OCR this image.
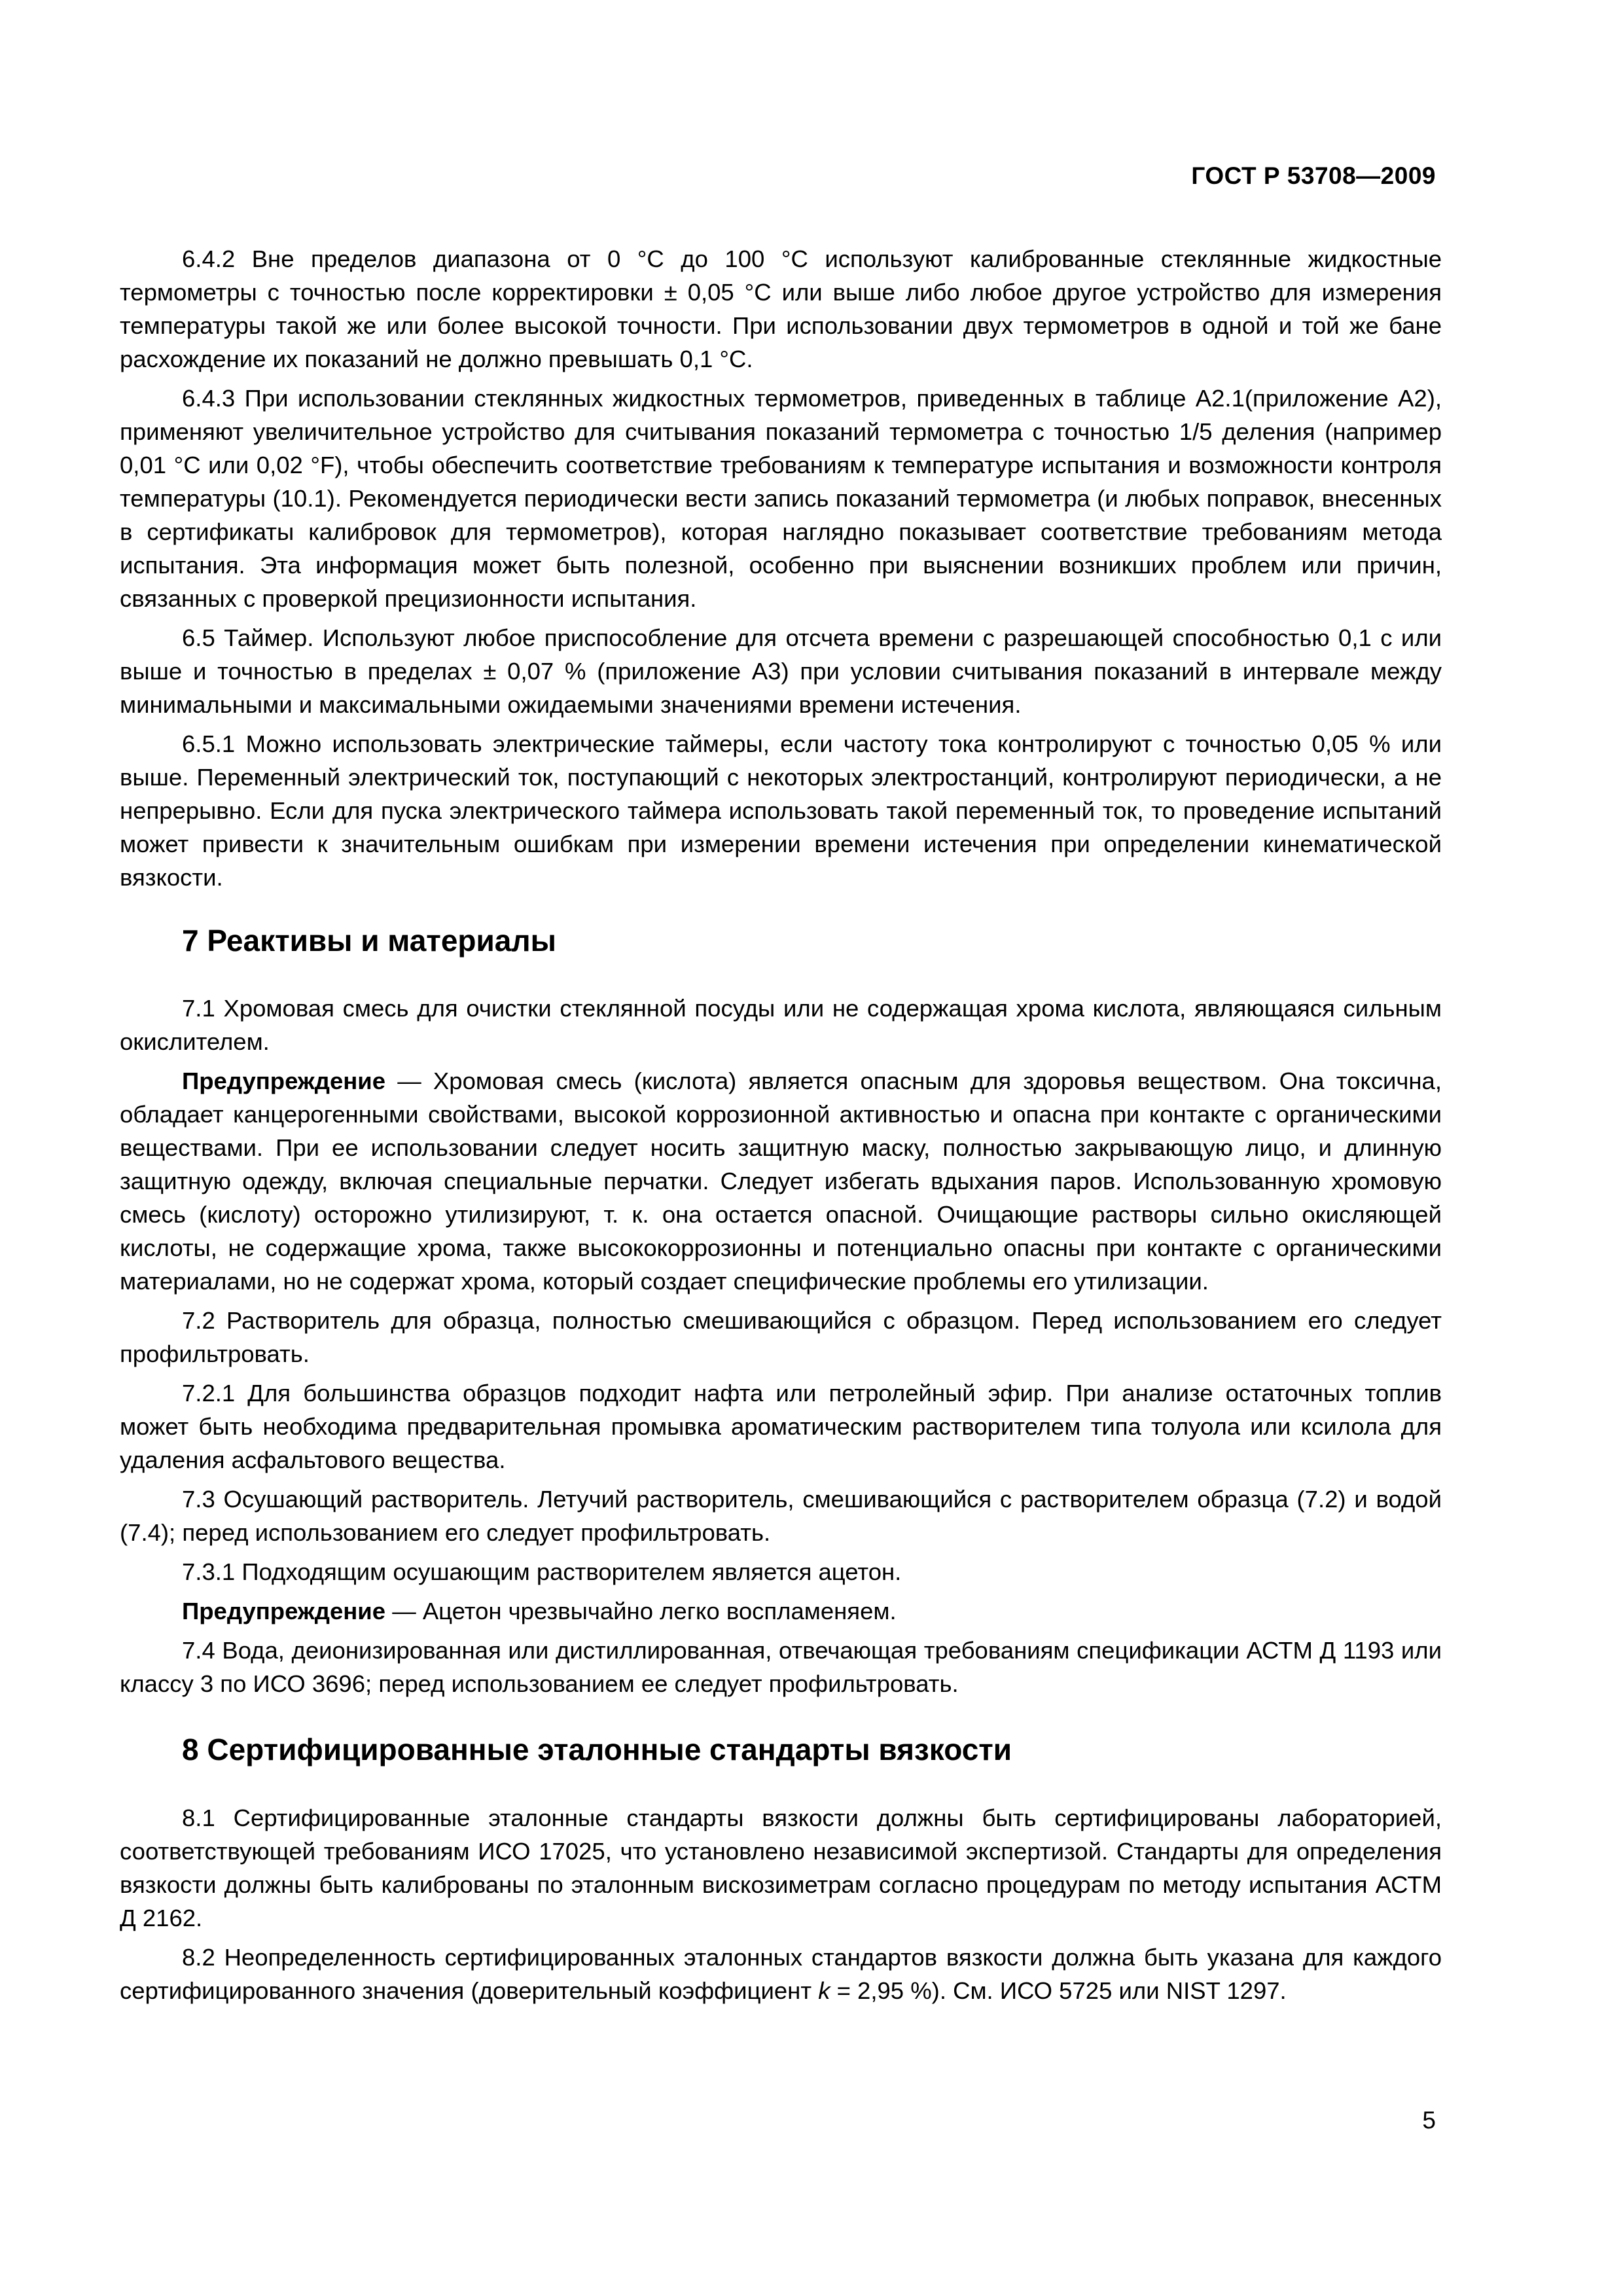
ГОСТ Р 53708—2009

6.4.2 Вне пределов диапазона от 0 °С до 100 °С используют калиброванные стеклянные жидкостные термометры с точностью после корректировки ± 0,05 °С или выше либо любое другое устройство для измерения температуры такой же или более высокой точности. При использовании двух термометров в одной и той же бане расхождение их показаний не должно превышать 0,1 °С.

6.4.3 При использовании стеклянных жидкостных термометров, приведенных в таблице А2.1(приложение А2), применяют увеличительное устройство для считывания показаний термометра с точностью 1/5 деления (например 0,01 °С или 0,02 °F), чтобы обеспечить соответствие требованиям к температуре испытания и возможности контроля температуры (10.1). Рекомендуется периодически вести запись показаний термометра (и любых поправок, внесенных в сертификаты калибровок для термометров), которая наглядно показывает соответствие требованиям метода испытания. Эта информация может быть полезной, особенно при выяснении возникших проблем или причин, связанных с проверкой прецизионности испытания.

6.5 Таймер. Используют любое приспособление для отсчета времени с разрешающей способностью 0,1 с или выше и точностью в пределах ± 0,07 % (приложение А3) при условии считывания показаний в интервале между минимальными и максимальными ожидаемыми значениями времени истечения.

6.5.1 Можно использовать электрические таймеры, если частоту тока контролируют с точностью 0,05 % или выше. Переменный электрический ток, поступающий с некоторых электростанций, контролируют периодически, а не непрерывно. Если для пуска электрического таймера использовать такой переменный ток, то проведение испытаний может привести к значительным ошибкам при измерении времени истечения при определении кинематической вязкости.

7 Реактивы и материалы

7.1 Хромовая смесь для очистки стеклянной посуды или не содержащая хрома кислота, являющаяся сильным окислителем.

Предупреждение — Хромовая смесь (кислота) является опасным для здоровья веществом. Она токсична, обладает канцерогенными свойствами, высокой коррозионной активностью и опасна при контакте с органическими веществами. При ее использовании следует носить защитную маску, полностью закрывающую лицо, и длинную защитную одежду, включая специальные перчатки. Следует избегать вдыхания паров. Использованную хромовую смесь (кислоту) осторожно утилизируют, т. к. она остается опасной. Очищающие растворы сильно окисляющей кислоты, не содержащие хрома, также высококоррозионны и потенциально опасны при контакте с органическими материалами, но не содержат хрома, который создает специфические проблемы его утилизации.

7.2 Растворитель для образца, полностью смешивающийся с образцом. Перед использованием его следует профильтровать.

7.2.1 Для большинства образцов подходит нафта или петролейный эфир. При анализе остаточных топлив может быть необходима предварительная промывка ароматическим растворителем типа толуола или ксилола для удаления асфальтового вещества.

7.3 Осушающий растворитель. Летучий растворитель, смешивающийся с растворителем образца (7.2) и водой (7.4); перед использованием его следует профильтровать.

7.3.1 Подходящим осушающим растворителем является ацетон.

Предупреждение — Ацетон чрезвычайно легко воспламеняем.

7.4 Вода, деионизированная или дистиллированная, отвечающая требованиям спецификации АСТМ Д 1193 или классу 3 по ИСО 3696; перед использованием ее следует профильтровать.

8 Сертифицированные эталонные стандарты вязкости

8.1 Сертифицированные эталонные стандарты вязкости должны быть сертифицированы лабораторией, соответствующей требованиям ИСО 17025, что установлено независимой экспертизой. Стандарты для определения вязкости должны быть калиброваны по эталонным вискозиметрам согласно процедурам по методу испытания АСТМ Д 2162.

8.2 Неопределенность сертифицированных эталонных стандартов вязкости должна быть указана для каждого сертифицированного значения (доверительный коэффициент k = 2,95 %). См. ИСО 5725 или NIST 1297.

5
